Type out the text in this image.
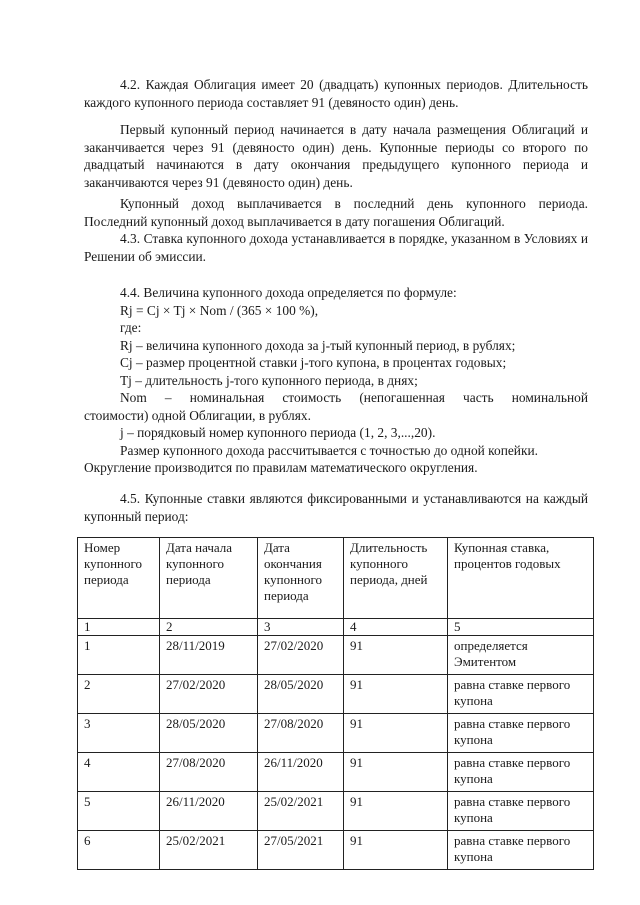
4.2. Каждая Облигация имеет 20 (двадцать) купонных периодов. Длительность каждого купонного периода составляет 91 (девяносто один) день.

Первый купонный период начинается в дату начала размещения Облигаций и заканчивается через 91 (девяносто один) день. Купонные периоды со второго по двадцатый начинаются в дату окончания предыдущего купонного периода и заканчиваются через 91 (девяносто один) день.

Купонный доход выплачивается в последний день купонного периода. Последний купонный доход выплачивается в дату погашения Облигаций.

4.3. Ставка купонного дохода устанавливается в порядке, указанном в Условиях и Решении об эмиссии.

4.4. Величина купонного дохода определяется по формуле:

Rj = Cj × Tj × Nom / (365 × 100 %),

где:

Rj – величина купонного дохода за j-тый купонный период, в рублях;

Cj – размер процентной ставки j-того купона, в процентах годовых;

Tj – длительность j-того купонного периода, в днях;

Nom – номинальная стоимость (непогашенная часть номинальной

стоимости) одной Облигации, в рублях.

j – порядковый номер купонного периода (1, 2, 3,...,20).

Размер купонного дохода рассчитывается с точностью до одной копейки.

Округление производится по правилам математического округления.

4.5. Купонные ставки являются фиксированными и устанавливаются на каждый купонный период:

Номер купонного периода	Дата начала купонного периода	Дата окончания купонного периода	Длительность купонного периода, дней	Купонная ставка, процентов годовых
1	2	3	4	5
1	28/11/2019	27/02/2020	91	определяется Эмитентом
2	27/02/2020	28/05/2020	91	равна ставке первого купона
3	28/05/2020	27/08/2020	91	равна ставке первого купона
4	27/08/2020	26/11/2020	91	равна ставке первого купона
5	26/11/2020	25/02/2021	91	равна ставке первого купона
6	25/02/2021	27/05/2021	91	равна ставке первого купона
